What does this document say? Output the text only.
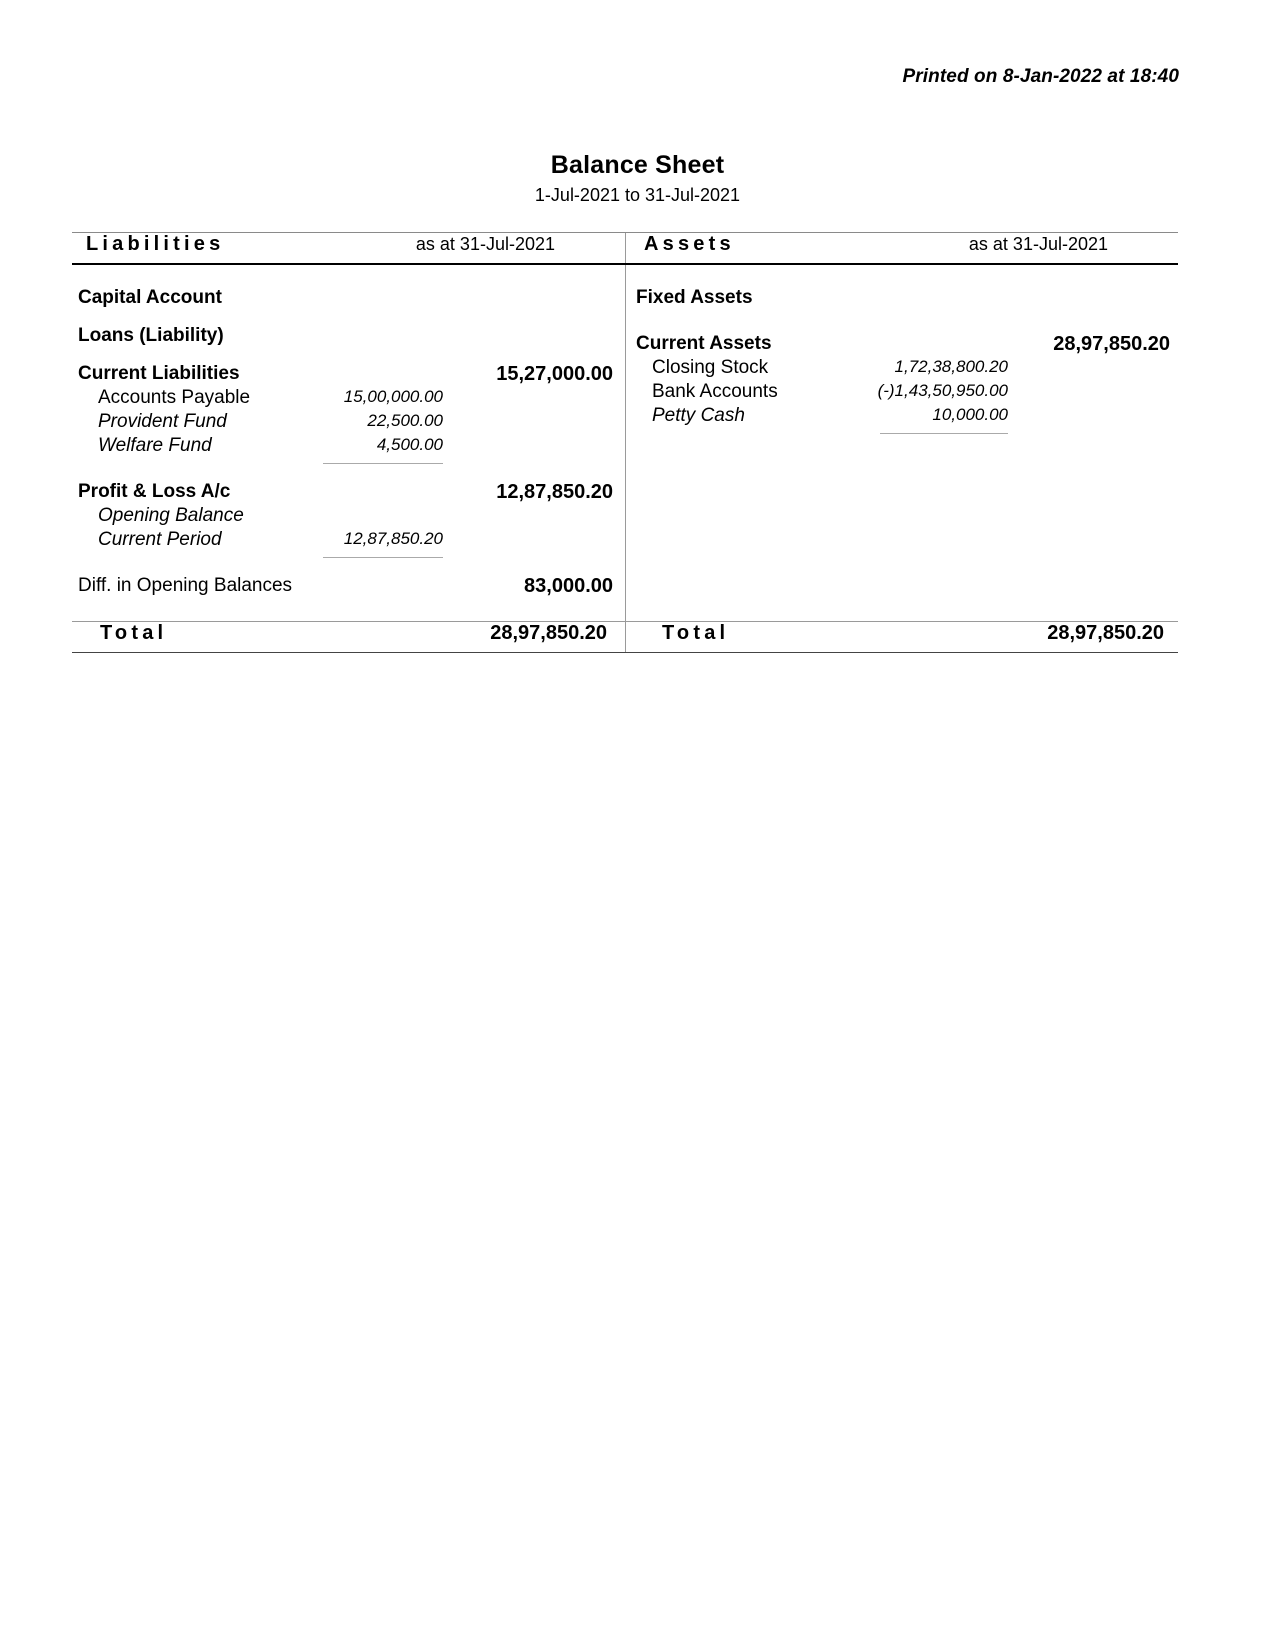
Printed on 8-Jan-2022 at 18:40
Balance Sheet
1-Jul-2021 to 31-Jul-2021
Liabilities	as at 31-Jul-2021	Assets	as at 31-Jul-2021
Capital Account
Loans (Liability)
Current Liabilities	15,27,000.00
Accounts Payable	15,00,000.00
Provident Fund	22,500.00
Welfare Fund	4,500.00
Profit & Loss A/c	12,87,850.20
Opening Balance
Current Period	12,87,850.20
Diff. in Opening Balances	83,000.00
Fixed Assets
Current Assets	28,97,850.20
Closing Stock	1,72,38,800.20
Bank Accounts	(-)1,43,50,950.00
Petty Cash	10,000.00
Total	28,97,850.20	Total	28,97,850.20
